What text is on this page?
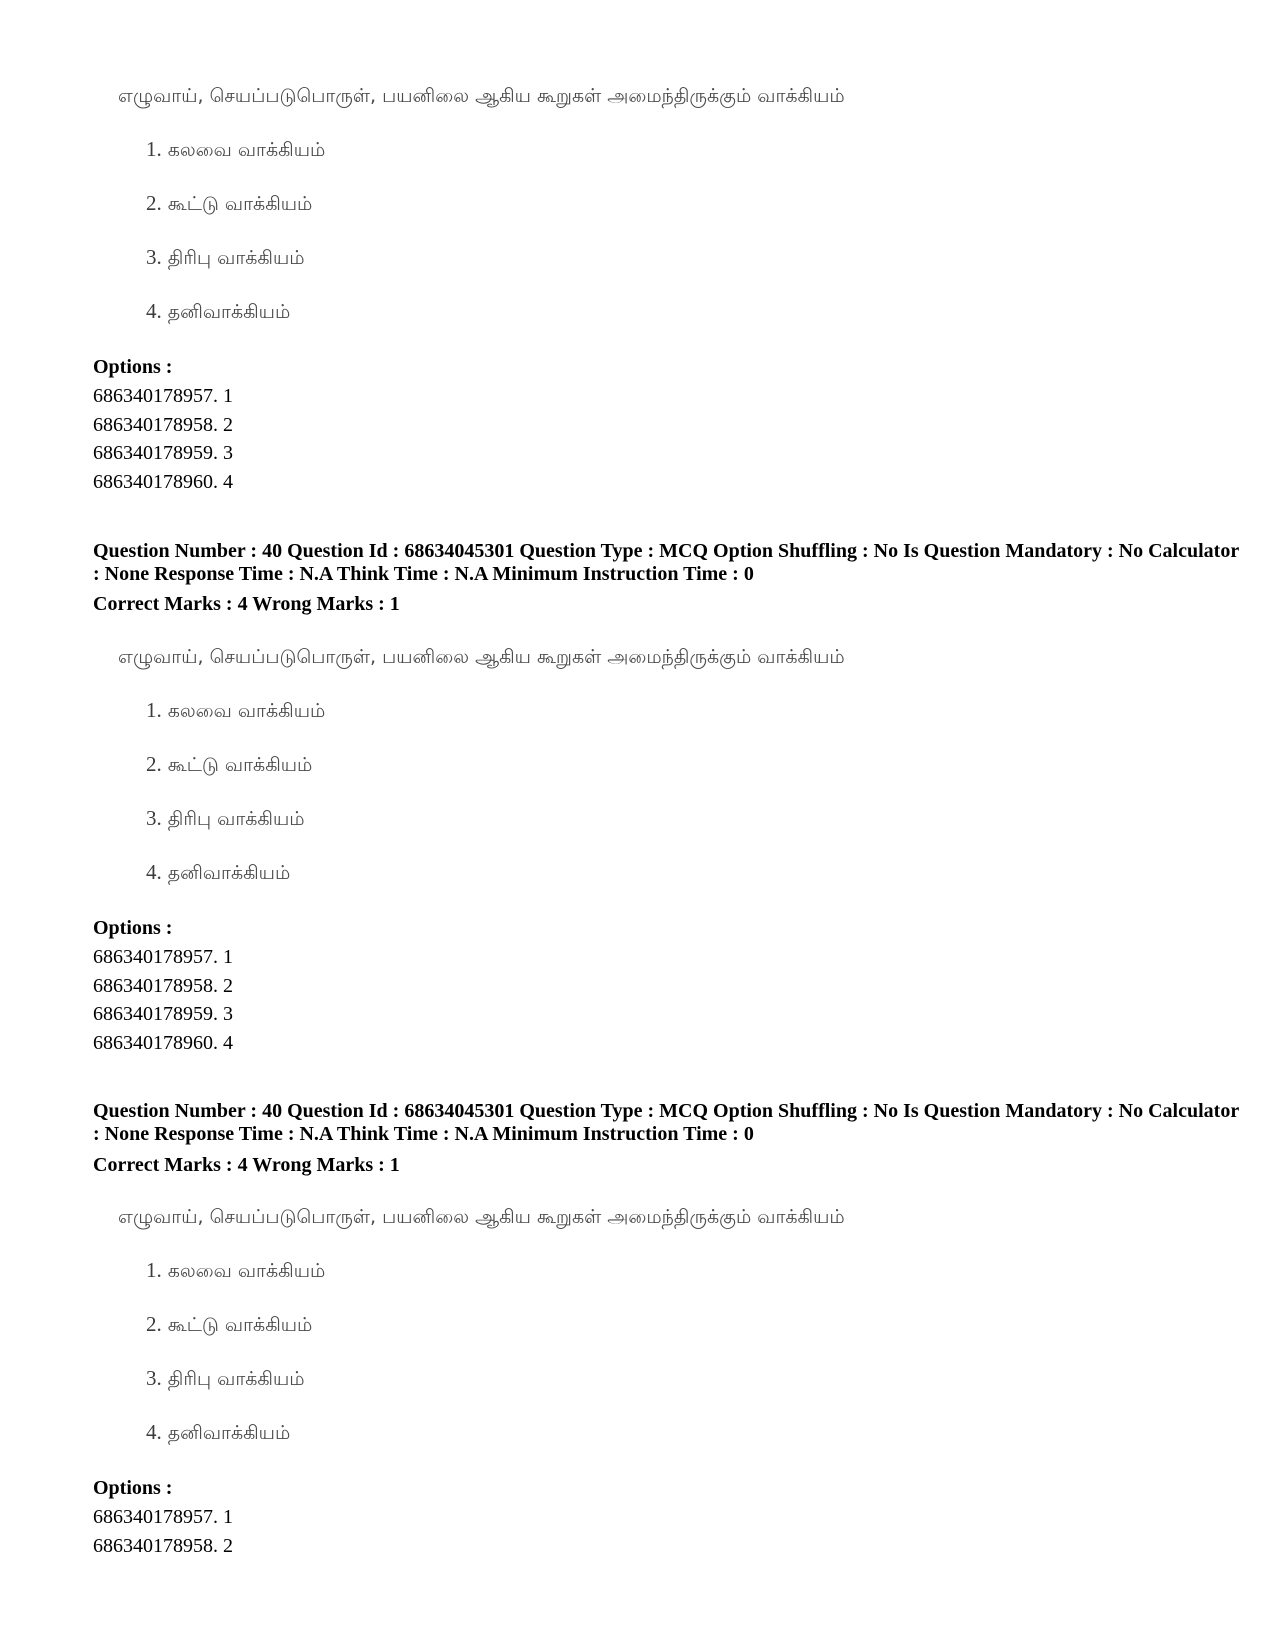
எழுவாய், செயப்படுபொருள், பயனிலை ஆகிய கூறுகள் அமைந்திருக்கும் வாக்கியம்
1. கலவை வாக்கியம்
2. கூட்டு வாக்கியம்
3. திரிபு வாக்கியம்
4. தனிவாக்கியம்
Options :
686340178957. 1
686340178958. 2
686340178959. 3
686340178960. 4
Question Number : 40 Question Id : 68634045301 Question Type : MCQ Option Shuffling : No Is Question Mandatory : No Calculator : None Response Time : N.A Think Time : N.A Minimum Instruction Time : 0
Correct Marks : 4 Wrong Marks : 1
எழுவாய், செயப்படுபொருள், பயனிலை ஆகிய கூறுகள் அமைந்திருக்கும் வாக்கியம்
1. கலவை வாக்கியம்
2. கூட்டு வாக்கியம்
3. திரிபு வாக்கியம்
4. தனிவாக்கியம்
Options :
686340178957. 1
686340178958. 2
686340178959. 3
686340178960. 4
Question Number : 40 Question Id : 68634045301 Question Type : MCQ Option Shuffling : No Is Question Mandatory : No Calculator : None Response Time : N.A Think Time : N.A Minimum Instruction Time : 0
Correct Marks : 4 Wrong Marks : 1
எழுவாய், செயப்படுபொருள், பயனிலை ஆகிய கூறுகள் அமைந்திருக்கும் வாக்கியம்
1. கலவை வாக்கியம்
2. கூட்டு வாக்கியம்
3. திரிபு வாக்கியம்
4. தனிவாக்கியம்
Options :
686340178957. 1
686340178958. 2
